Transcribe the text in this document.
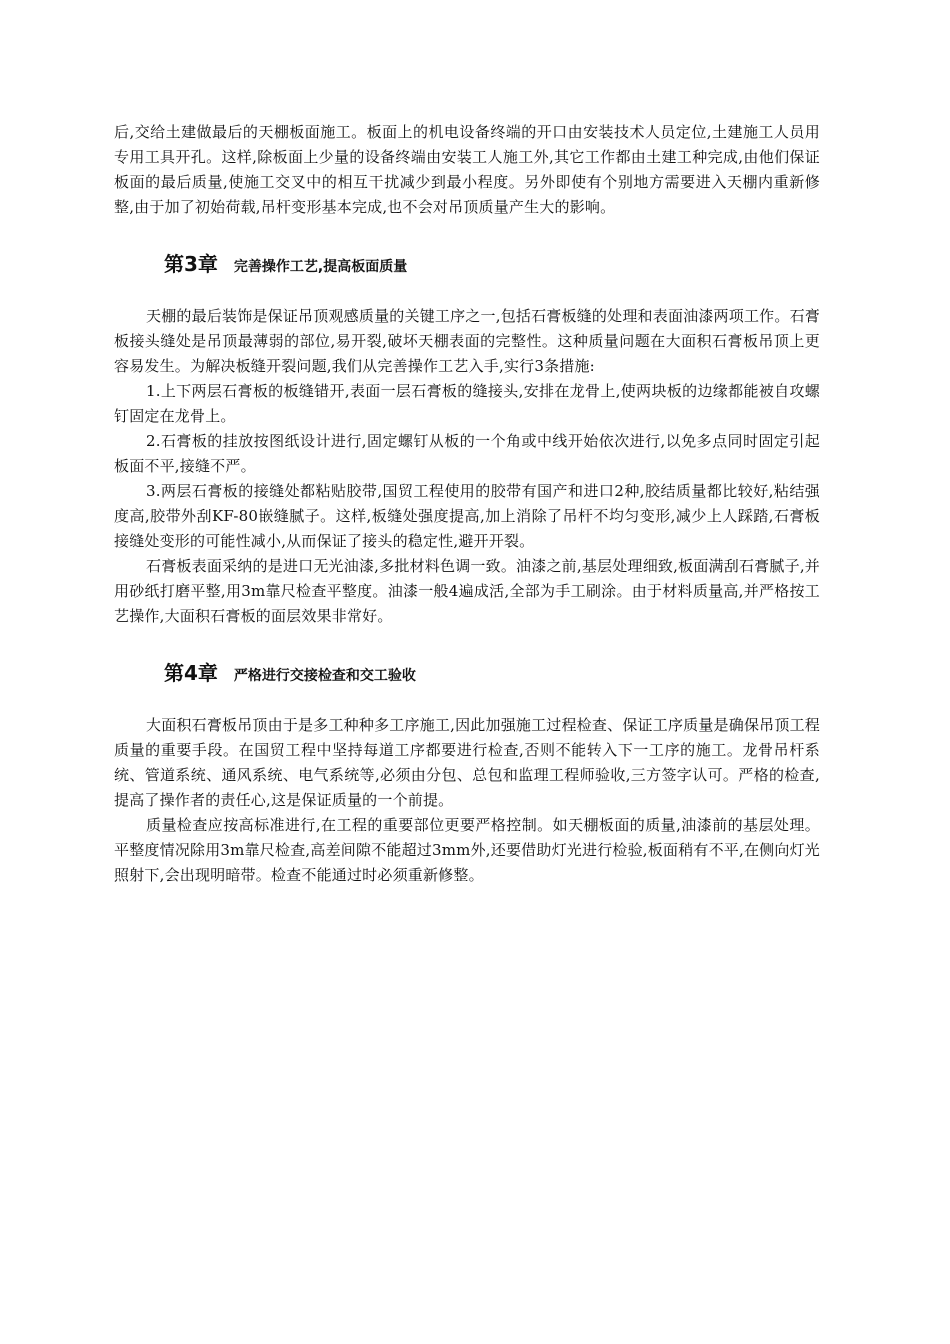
后,交给土建做最后的天棚板面施工。板面上的机电设备终端的开口由安装技术人员定位,土建施工人员用专用工具开孔。这样,除板面上少量的设备终端由安装工人施工外,其它工作都由土建工种完成,由他们保证板面的最后质量,使施工交叉中的相互干扰减少到最小程度。另外即使有个别地方需要进入天棚内重新修整,由于加了初始荷载,吊杆变形基本完成,也不会对吊顶质量产生大的影响。

第3章 完善操作工艺,提高板面质量

天棚的最后装饰是保证吊顶观感质量的关键工序之一,包括石膏板缝的处理和表面油漆两项工作。石膏板接头缝处是吊顶最薄弱的部位,易开裂,破坏天棚表面的完整性。这种质量问题在大面积石膏板吊顶上更容易发生。为解决板缝开裂问题,我们从完善操作工艺入手,实行3条措施:

1.上下两层石膏板的板缝错开,表面一层石膏板的缝接头,安排在龙骨上,使两块板的边缘都能被自攻螺钉固定在龙骨上。

2.石膏板的挂放按图纸设计进行,固定螺钉从板的一个角或中线开始依次进行,以免多点同时固定引起板面不平,接缝不严。

3.两层石膏板的接缝处都粘贴胶带,国贸工程使用的胶带有国产和进口2种,胶结质量都比较好,粘结强度高,胶带外刮KF-80嵌缝腻子。这样,板缝处强度提高,加上消除了吊杆不均匀变形,减少上人踩踏,石膏板接缝处变形的可能性减小,从而保证了接头的稳定性,避开开裂。

石膏板表面采纳的是进口无光油漆,多批材料色调一致。油漆之前,基层处理细致,板面满刮石膏腻子,并用砂纸打磨平整,用3m靠尺检查平整度。油漆一般4遍成活,全部为手工刷涂。由于材料质量高,并严格按工艺操作,大面积石膏板的面层效果非常好。

第4章 严格进行交接检查和交工验收

大面积石膏板吊顶由于是多工种种多工序施工,因此加强施工过程检查、保证工序质量是确保吊顶工程质量的重要手段。在国贸工程中坚持每道工序都要进行检查,否则不能转入下一工序的施工。龙骨吊杆系统、管道系统、通风系统、电气系统等,必须由分包、总包和监理工程师验收,三方签字认可。严格的检查,提高了操作者的责任心,这是保证质量的一个前提。

质量检查应按高标准进行,在工程的重要部位更要严格控制。如天棚板面的质量,油漆前的基层处理。平整度情况除用3m靠尺检查,高差间隙不能超过3mm外,还要借助灯光进行检验,板面稍有不平,在侧向灯光照射下,会出现明暗带。检查不能通过时必须重新修整。
